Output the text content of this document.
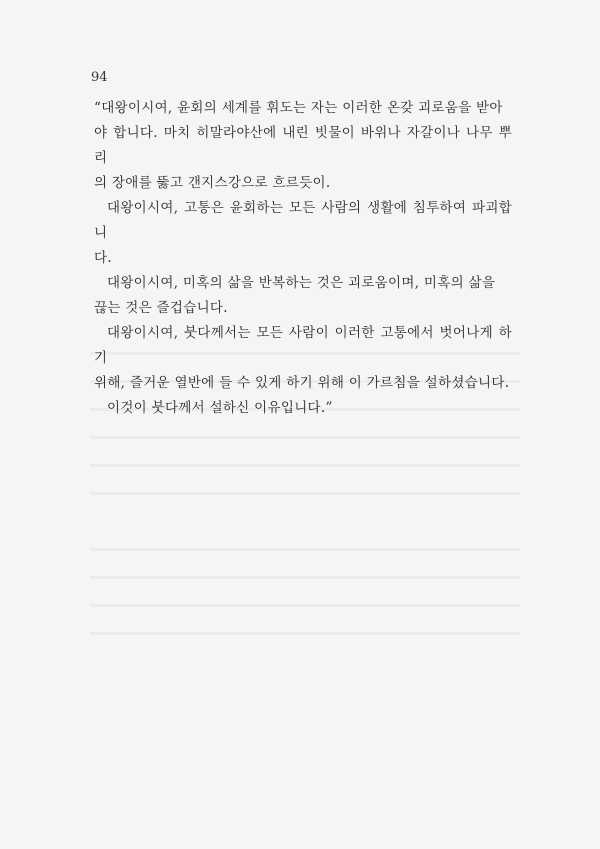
94

“대왕이시여, 윤회의 세계를 휘도는 자는 이러한 온갖 괴로움을 받아
야 합니다. 마치 히말라야산에 내린 빗물이 바위나 자갈이나 나무 뿌리
의 장애를 뚫고 갠지스강으로 흐르듯이.

대왕이시여, 고통은 윤회하는 모든 사람의 생활에 침투하여 파괴합니
다.

대왕이시여, 미혹의 삶을 반복하는 것은 괴로움이며, 미혹의 삶을
끊는 것은 즐겁습니다.

대왕이시여, 붓다께서는 모든 사람이 이러한 고통에서 벗어나게 하기
위해, 즐거운 열반에 들 수 있게 하기 위해 이 가르침을 설하셨습니다.

이것이 붓다께서 설하신 이유입니다.”
